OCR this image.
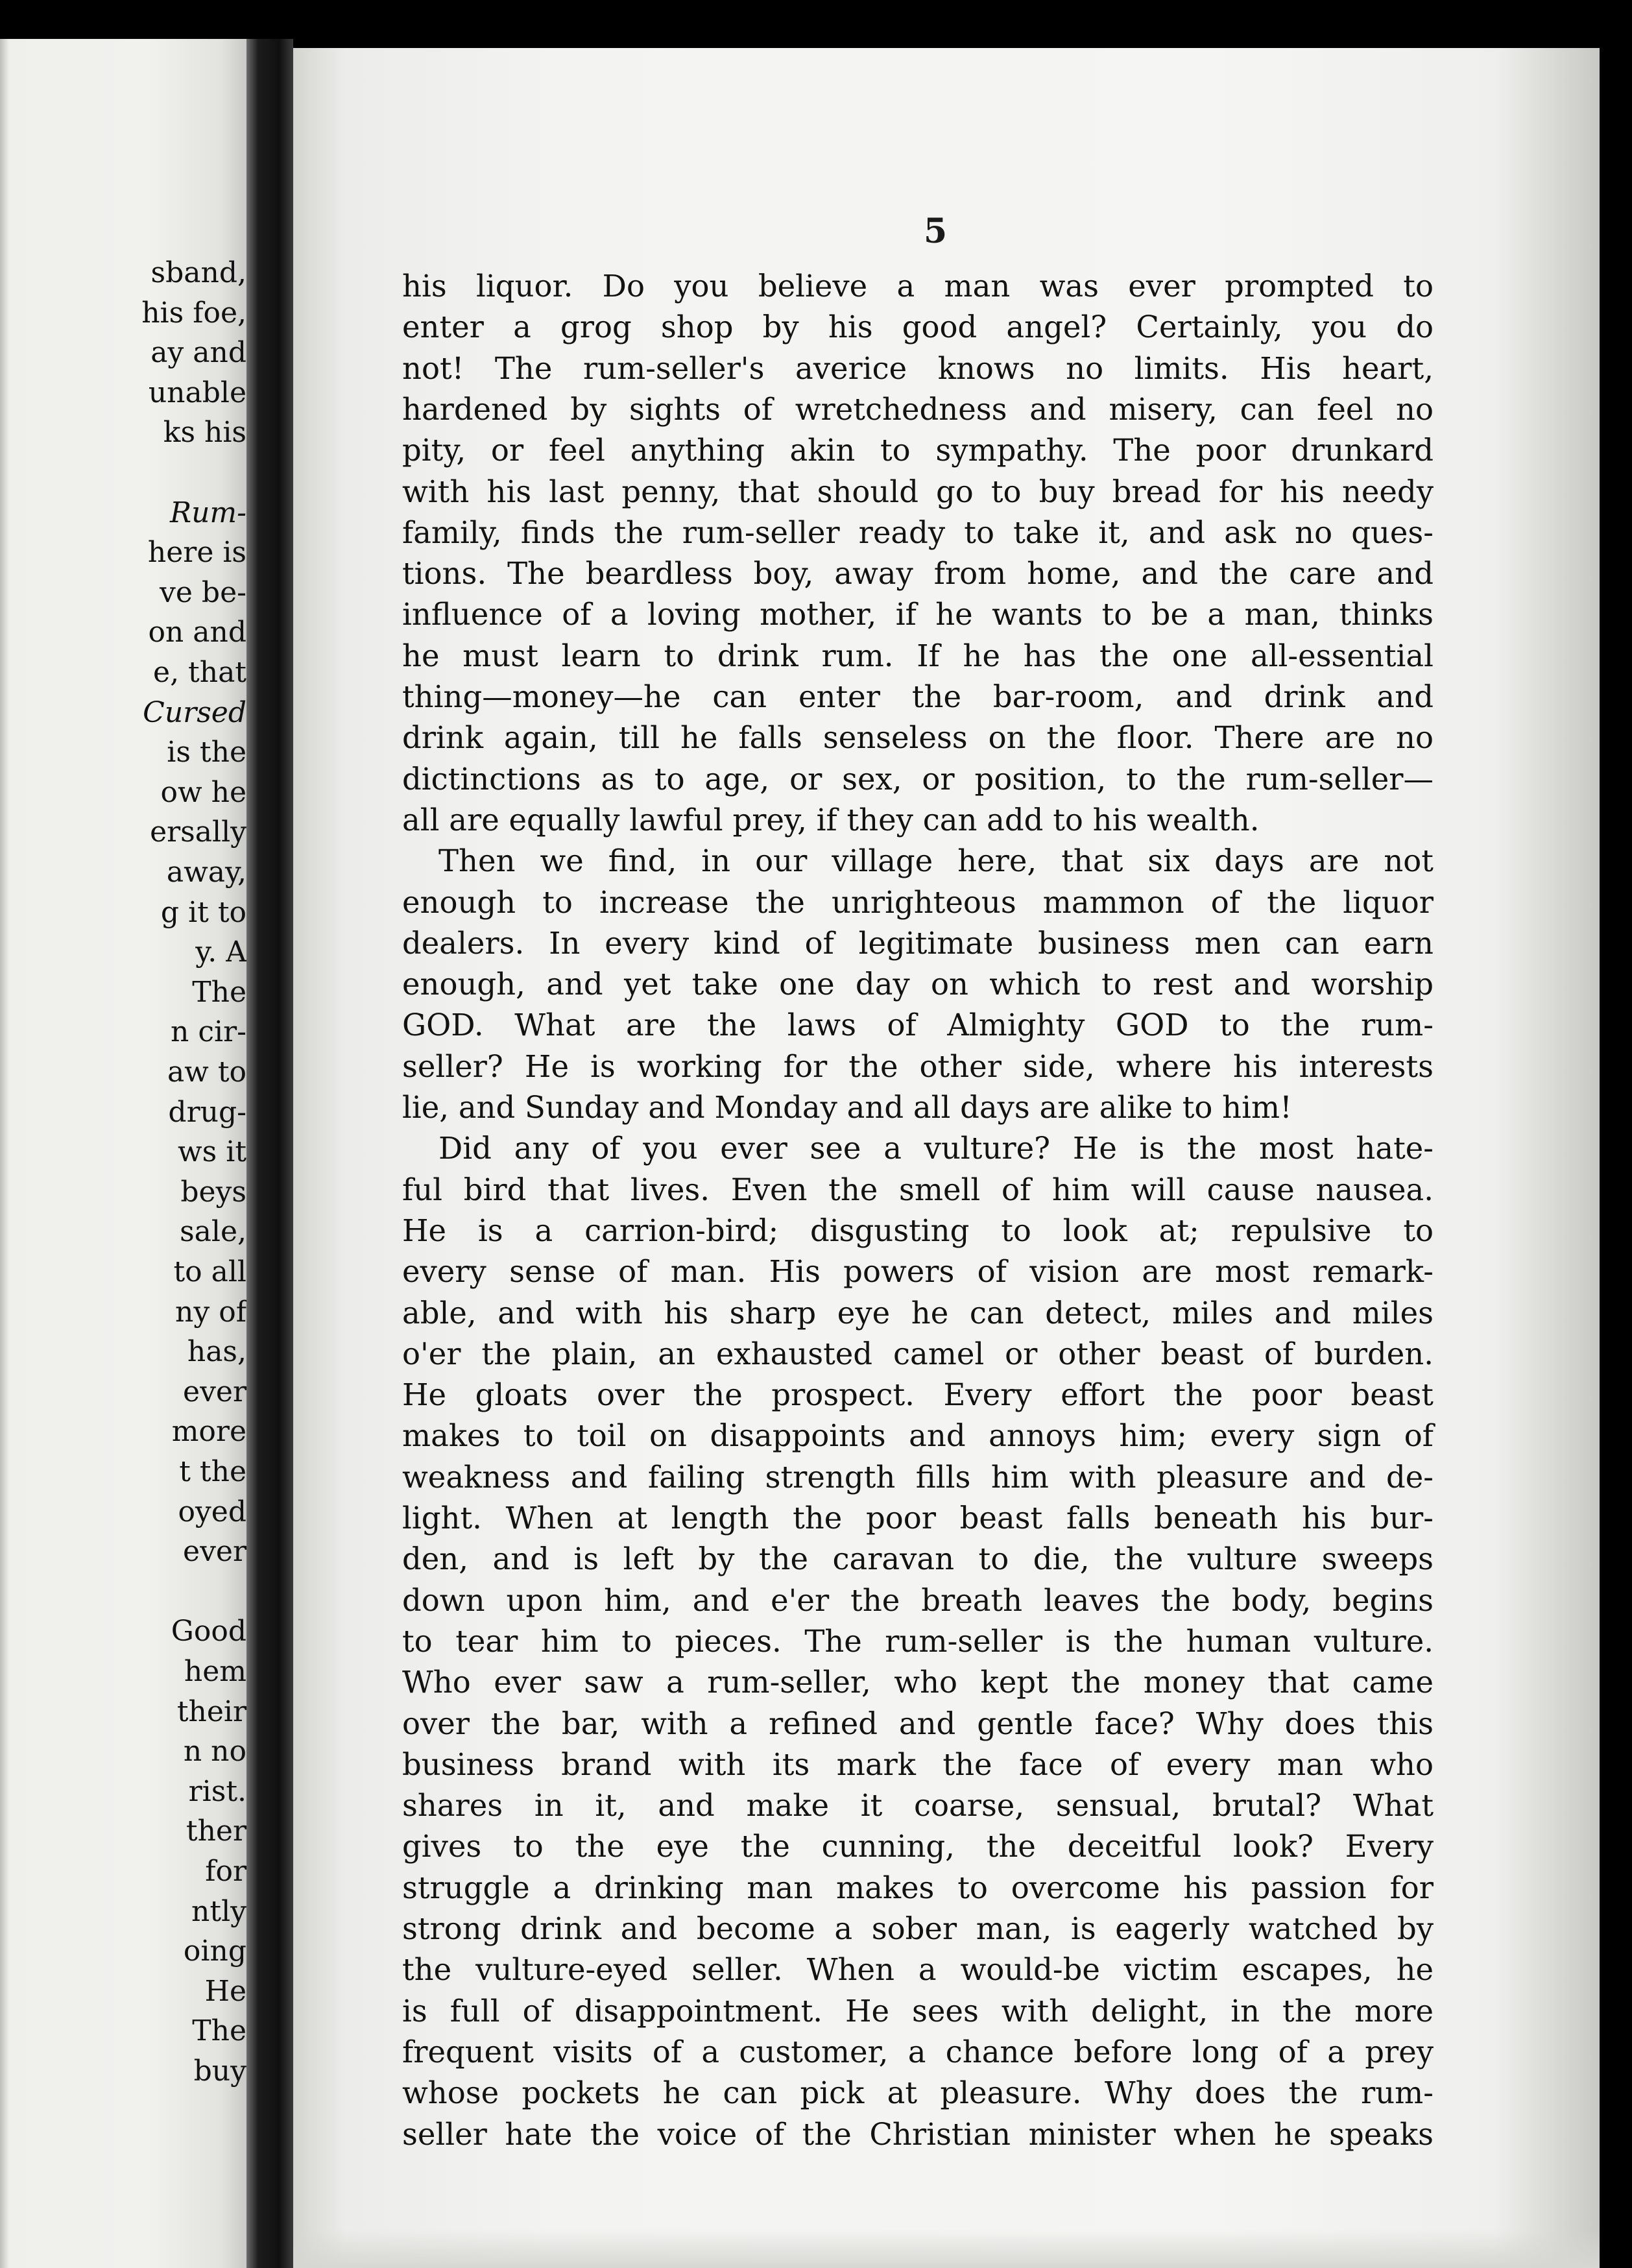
sband,
his foe,
ay and
unable
ks his
Rum-
here is
ve be-
on and
e, that
Cursed
is the
ow he
ersally
away,
g it to
y. A
The
n cir-
aw to
drug-
ws it
beys
sale,
to all
ny of
has,
ever
more
t the
oyed
ever
Good
hem
their
n no
rist.
ther
for
ntly
oing
He
The
buy
5
his liquor. Do you believe a man was ever prompted to
enter a grog shop by his good angel? Certainly, you do
not! The rum-seller's averice knows no limits. His heart,
hardened by sights of wretchedness and misery, can feel no
pity, or feel anything akin to sympathy. The poor drunkard
with his last penny, that should go to buy bread for his needy
family, finds the rum-seller ready to take it, and ask no ques-
tions. The beardless boy, away from home, and the care and
influence of a loving mother, if he wants to be a man, thinks
he must learn to drink rum. If he has the one all-essential
thing—money—he can enter the bar-room, and drink and
drink again, till he falls senseless on the floor. There are no
dictinctions as to age, or sex, or position, to the rum-seller—
all are equally lawful prey, if they can add to his wealth.
Then we find, in our village here, that six days are not
enough to increase the unrighteous mammon of the liquor
dealers. In every kind of legitimate business men can earn
enough, and yet take one day on which to rest and worship
GOD. What are the laws of Almighty GOD to the rum-
seller? He is working for the other side, where his interests
lie, and Sunday and Monday and all days are alike to him!
Did any of you ever see a vulture? He is the most hate-
ful bird that lives. Even the smell of him will cause nausea.
He is a carrion-bird; disgusting to look at; repulsive to
every sense of man. His powers of vision are most remark-
able, and with his sharp eye he can detect, miles and miles
o'er the plain, an exhausted camel or other beast of burden.
He gloats over the prospect. Every effort the poor beast
makes to toil on disappoints and annoys him; every sign of
weakness and failing strength fills him with pleasure and de-
light. When at length the poor beast falls beneath his bur-
den, and is left by the caravan to die, the vulture sweeps
down upon him, and e'er the breath leaves the body, begins
to tear him to pieces. The rum-seller is the human vulture.
Who ever saw a rum-seller, who kept the money that came
over the bar, with a refined and gentle face? Why does this
business brand with its mark the face of every man who
shares in it, and make it coarse, sensual, brutal? What
gives to the eye the cunning, the deceitful look? Every
struggle a drinking man makes to overcome his passion for
strong drink and become a sober man, is eagerly watched by
the vulture-eyed seller. When a would-be victim escapes, he
is full of disappointment. He sees with delight, in the more
frequent visits of a customer, a chance before long of a prey
whose pockets he can pick at pleasure. Why does the rum-
seller hate the voice of the Christian minister when he speaks
